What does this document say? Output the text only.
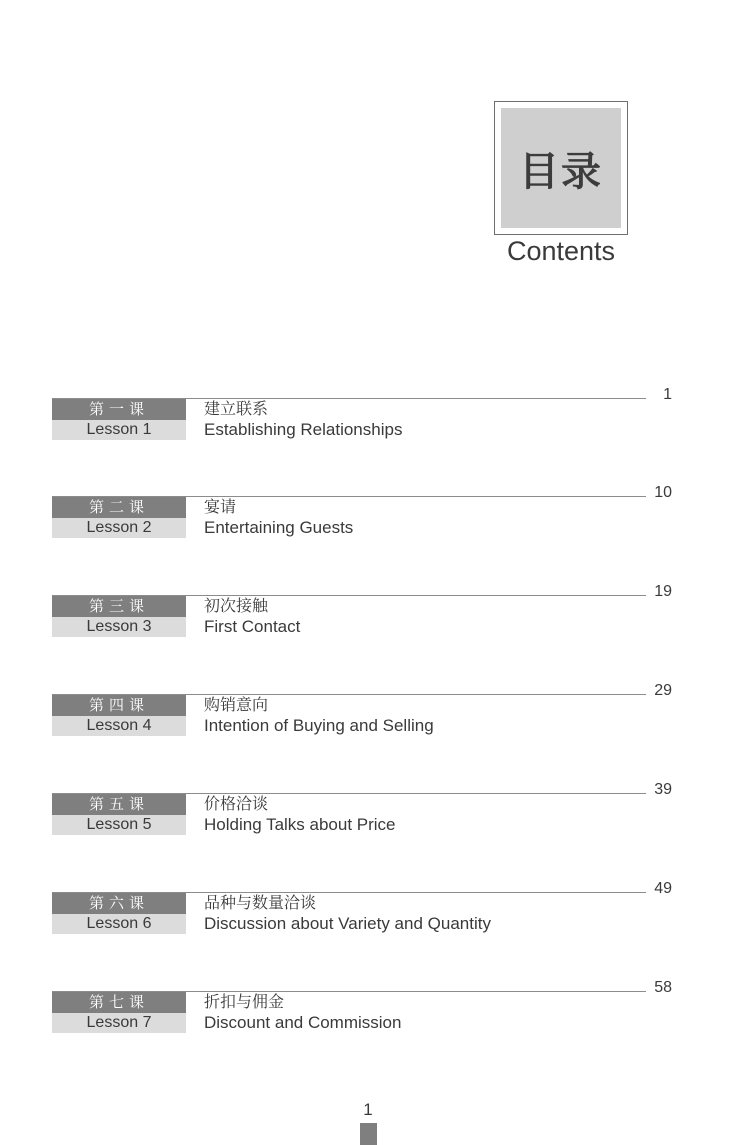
目录
Contents
1
第一课
Lesson 1
建立联系
Establishing Relationships
10
第二课
Lesson 2
宴请
Entertaining Guests
19
第三课
Lesson 3
初次接触
First Contact
29
第四课
Lesson 4
购销意向
Intention of Buying and Selling
39
第五课
Lesson 5
价格洽谈
Holding Talks about Price
49
第六课
Lesson 6
品种与数量洽谈
Discussion about Variety and Quantity
58
第七课
Lesson 7
折扣与佣金
Discount and Commission
1
